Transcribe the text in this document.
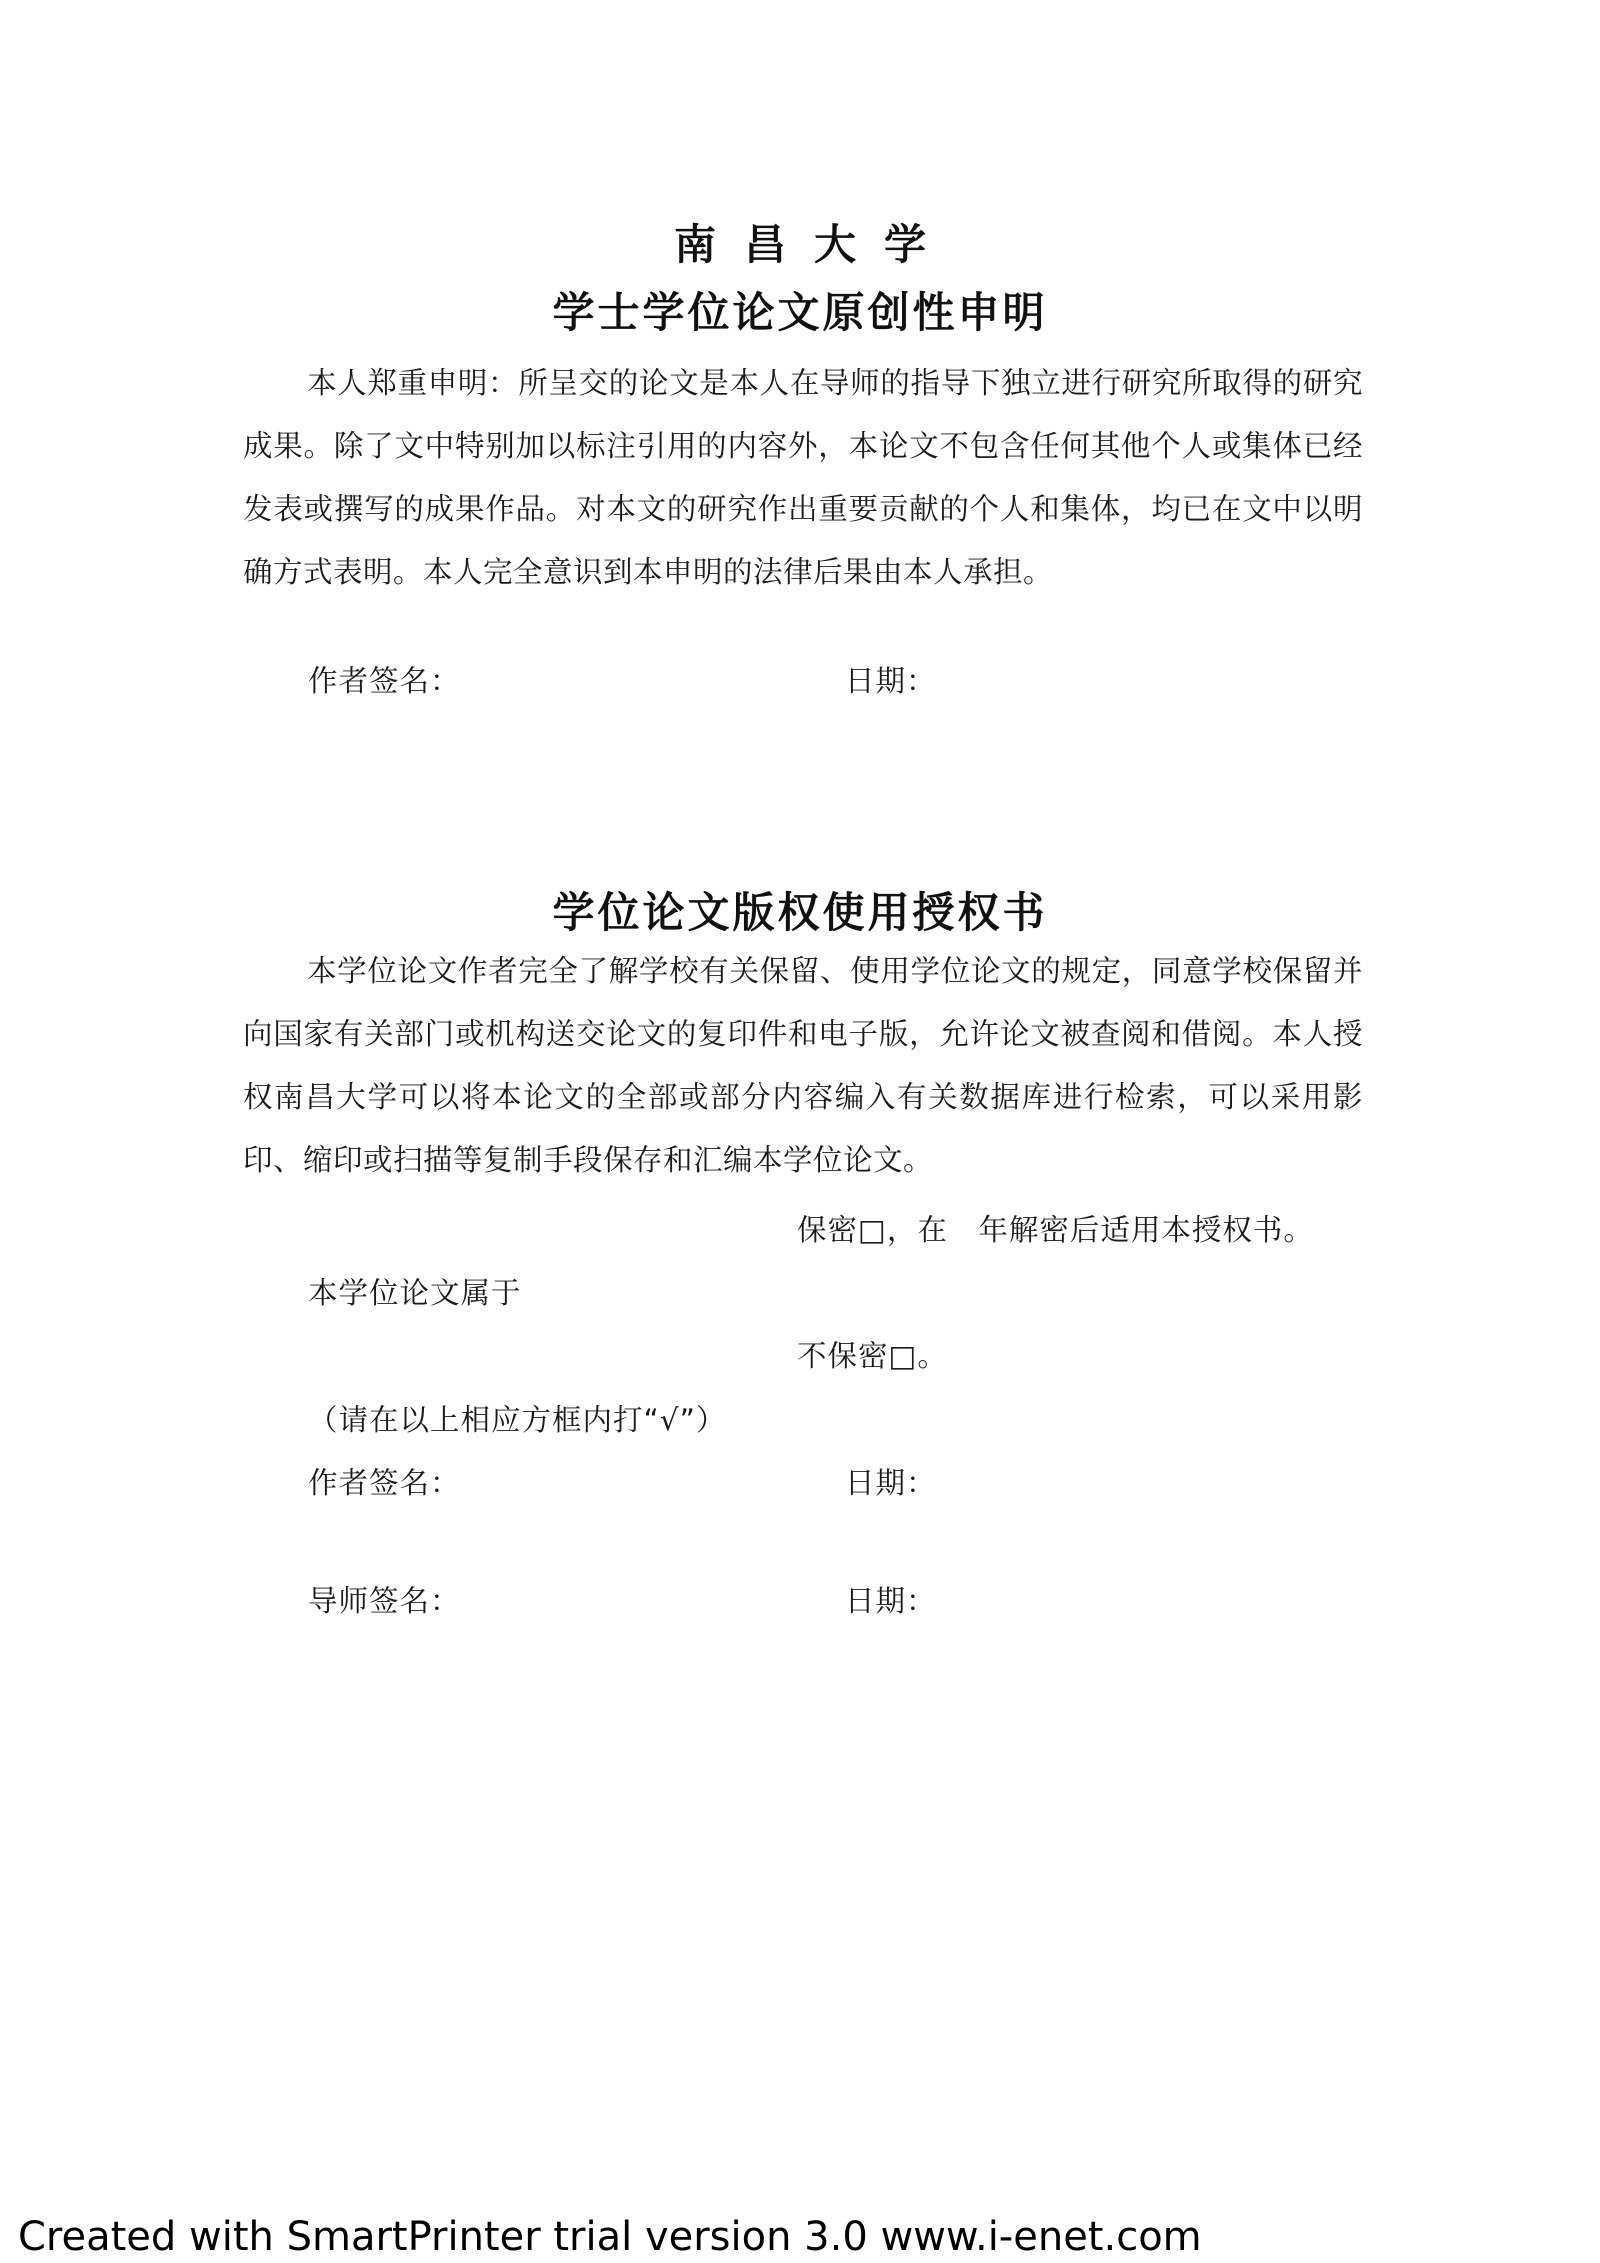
南昌大学
学士学位论文原创性申明
本人郑重申明：所呈交的论文是本人在导师的指导下独立进行研究所取得的研究成果。除了文中特别加以标注引用的内容外，本论文不包含任何其他个人或集体已经发表或撰写的成果作品。对本文的研究作出重要贡献的个人和集体，均已在文中以明确方式表明。本人完全意识到本申明的法律后果由本人承担。
作者签名：	日期：
学位论文版权使用授权书
本学位论文作者完全了解学校有关保留、使用学位论文的规定，同意学校保留并向国家有关部门或机构送交论文的复印件和电子版，允许论文被查阅和借阅。本人授权南昌大学可以将本论文的全部或部分内容编入有关数据库进行检索，可以采用影印、缩印或扫描等复制手段保存和汇编本学位论文。
保密□，在　年解密后适用本授权书。
本学位论文属于
不保密□。
（请在以上相应方框内打“√”）
作者签名：	日期：
导师签名：	日期：
Created with SmartPrinter trial version 3.0 www.i-enet.com
